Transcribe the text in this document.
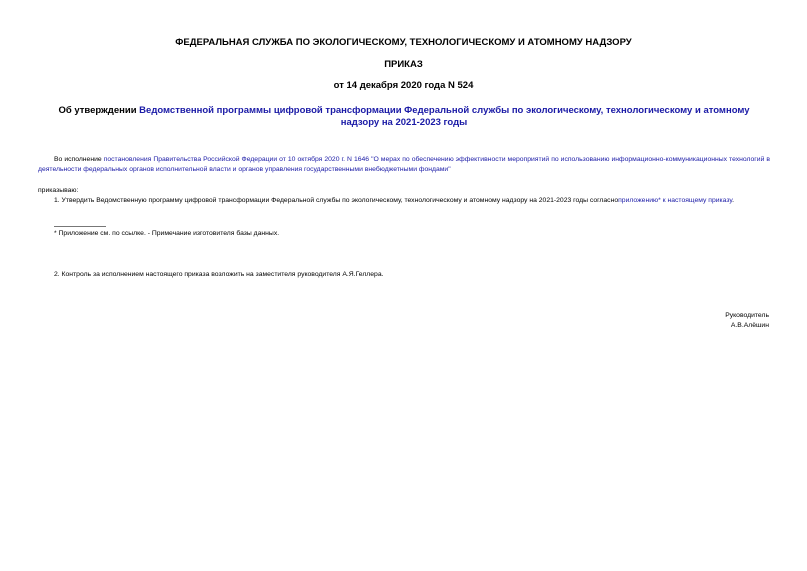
ФЕДЕРАЛЬНАЯ СЛУЖБА ПО ЭКОЛОГИЧЕСКОМУ, ТЕХНОЛОГИЧЕСКОМУ И АТОМНОМУ НАДЗОРУ
ПРИКАЗ
от 14 декабря 2020 года N 524
Об утверждении Ведомственной программы цифровой трансформации Федеральной службы по экологическому, технологическому и атомному надзору на 2021-2023 годы
Во исполнение постановления Правительства Российской Федерации от 10 октября 2020 г. N 1646 "О мерах по обеспечению эффективности мероприятий по использованию информационно-коммуникационных технологий в деятельности федеральных органов исполнительной власти и органов управления государственными внебюджетными фондами"
приказываю:
1. Утвердить Ведомственную программу цифровой трансформации Федеральной службы по экологическому, технологическому и атомному надзору на 2021-2023 годы согласноприложению* к настоящему приказу.
* Приложение см. по ссылке. - Примечание изготовителя базы данных.
2. Контроль за исполнением настоящего приказа возложить на заместителя руководителя А.Я.Геллера.
Руководитель
А.В.Алёшин
